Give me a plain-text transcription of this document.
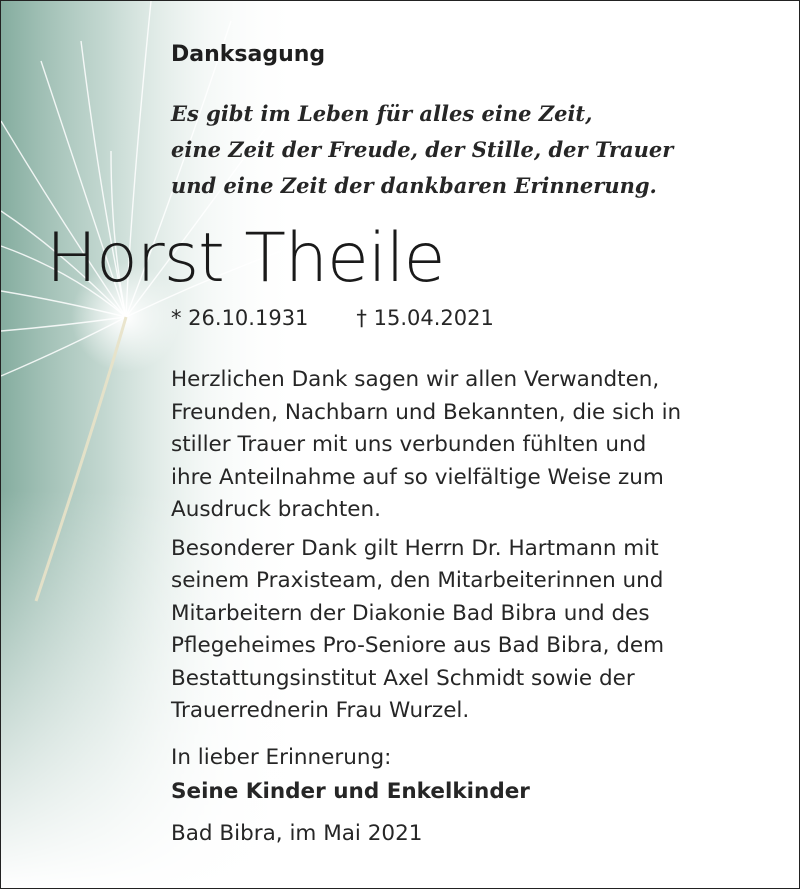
Danksagung
Es gibt im Leben für alles eine Zeit,
eine Zeit der Freude, der Stille, der Trauer
und eine Zeit der dankbaren Erinnerung.
Horst Theile
* 26.10.1931 † 15.04.2021
Herzlichen Dank sagen wir allen Verwandten,
Freunden, Nachbarn und Bekannten, die sich in
stiller Trauer mit uns verbunden fühlten und
ihre Anteilnahme auf so vielfältige Weise zum
Ausdruck brachten.
Besonderer Dank gilt Herrn Dr. Hartmann mit
seinem Praxisteam, den Mitarbeiterinnen und
Mitarbeitern der Diakonie Bad Bibra und des
Pflegeheimes Pro-Seniore aus Bad Bibra, dem
Bestattungsinstitut Axel Schmidt sowie der
Trauerrednerin Frau Wurzel.
In lieber Erinnerung:
Seine Kinder und Enkelkinder
Bad Bibra, im Mai 2021
